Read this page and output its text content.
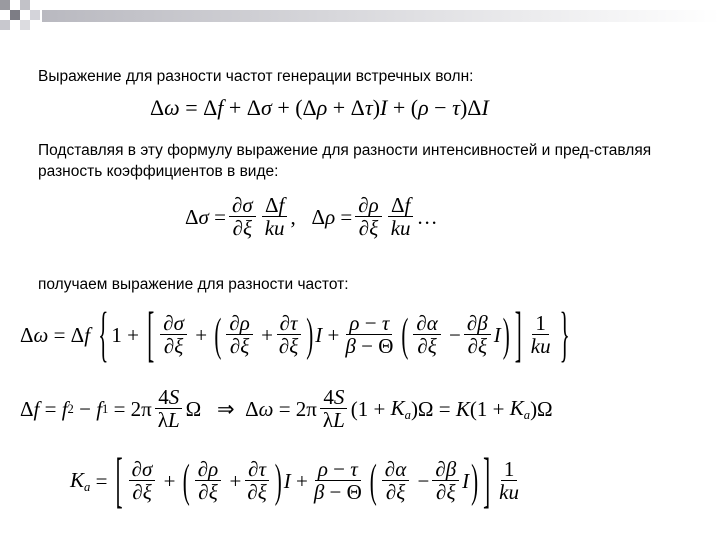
Выражение для разности частот генерации встречных волн:

Δ ω = Δ f + Δ σ + (Δ ρ + Δ τ ) I + ( ρ − τ )Δ I

Подставляя в эту формулу выражение для разности интенсивностей и пред-ставляя разность коэффициентов в виде:

Δ $\sigma = \frac{\partial\sigma}{\partial\xi} \frac{\Delta f}{ku}$ ,   Δ $\rho = \frac{\partial\rho}{\partial\xi} \frac{\Delta f}{ku}$ …

получаем выражение для разности частот:

Δ ω = Δ f
{ 1 + [ $\frac{\partial\sigma}{\partial\xi}$ + ( $\frac{\partial\rho}{\partial\xi} + \frac{\partial\tau}{\partial\xi}$ ) $I + \frac{\rho - \tau}{\beta - \Theta}$ ( $\frac{\partial\alpha}{\partial\xi} - \frac{\partial\beta}{\partial\xi}$ I ) ] $\frac{1}{ku}$ }
Δ f = f 2 − f $1 = 2\pi \frac{4S}{\lambda L}$ Ω   ⇒  Δ $\omega = 2\pi \frac{4S}{\lambda L} (1 + K_a$ )Ω = K ($1 + K_a$ )Ω
$K_a$ = [ $\frac{\partial\sigma}{\partial\xi}$ + ( $\frac{\partial\rho}{\partial\xi} + \frac{\partial\tau}{\partial\xi}$ ) $I + \frac{\rho - \tau}{\beta - \Theta}$ ( $\frac{\partial\alpha}{\partial\xi} - \frac{\partial\beta}{\partial\xi}$ I ) ] $\frac{1}{ku}$
